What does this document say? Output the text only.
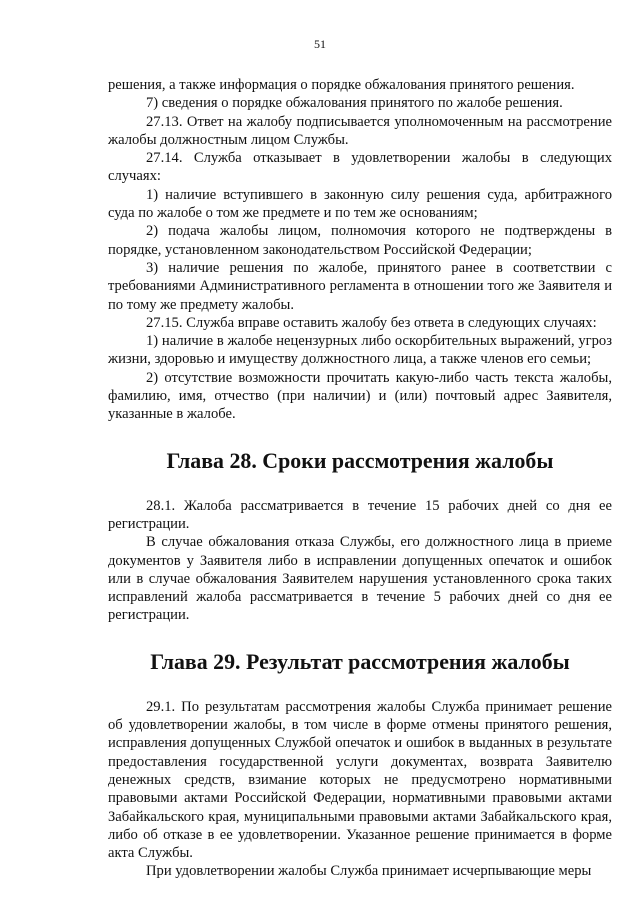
51

решения, а также информация о порядке обжалования принятого решения.

7) сведения о порядке обжалования принятого по жалобе решения.

27.13. Ответ на жалобу подписывается уполномоченным на рассмотрение жалобы должностным лицом Службы.

27.14. Служба отказывает в удовлетворении жалобы в следующих случаях:

1) наличие вступившего в законную силу решения суда, арбитражного суда по жалобе о том же предмете и по тем же основаниям;

2) подача жалобы лицом, полномочия которого не подтверждены в порядке, установленном законодательством Российской Федерации;

3) наличие решения по жалобе, принятого ранее в соответствии с требованиями Административного регламента в отношении того же Заявителя и по тому же предмету жалобы.

27.15. Служба вправе оставить жалобу без ответа в следующих случаях:

1) наличие в жалобе нецензурных либо оскорбительных выражений, угроз жизни, здоровью и имуществу должностного лица, а также членов его семьи;

2) отсутствие возможности прочитать какую-либо часть текста жалобы, фамилию, имя, отчество (при наличии) и (или) почтовый адрес Заявителя, указанные в жалобе.

Глава 28. Сроки рассмотрения жалобы

28.1. Жалоба рассматривается в течение 15 рабочих дней со дня ее регистрации.

В случае обжалования отказа Службы, его должностного лица в приеме документов у Заявителя либо в исправлении допущенных опечаток и ошибок или в случае обжалования Заявителем нарушения установленного срока таких исправлений жалоба рассматривается в течение 5 рабочих дней со дня ее регистрации.

Глава 29. Результат рассмотрения жалобы

29.1. По результатам рассмотрения жалобы Служба принимает решение об удовлетворении жалобы, в том числе в форме отмены принятого решения, исправления допущенных Службой опечаток и ошибок в выданных в результате предоставления государственной услуги документах, возврата Заявителю денежных средств, взимание которых не предусмотрено нормативными правовыми актами Российской Федерации, нормативными правовыми актами Забайкальского края, муниципальными правовыми актами Забайкальского края, либо об отказе в ее удовлетворении. Указанное решение принимается в форме акта Службы.

При удовлетворении жалобы Служба принимает исчерпывающие меры
